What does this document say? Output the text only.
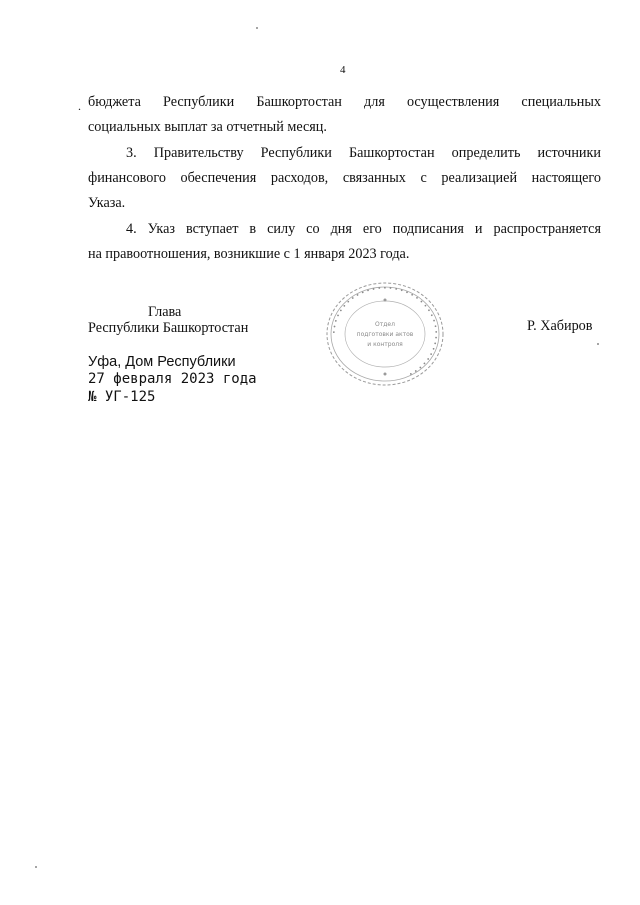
4
. бюджета Республики Башкортостан для осуществления специальных
социальных выплат за отчетный месяц.
3. Правительству Республики Башкортостан определить источники
финансового обеспечения расходов, связанных с реализацией настоящего
Указа.
4. Указ вступает в силу со дня его подписания и распространяется
на правоотношения, возникшие с 1 января 2023 года.
Глава
Республики Башкортостан	• • • • • • • • • • • • • • • • • • • • • • • • • • • • • • • • • • • •
Отдел
подготовки актов
и контроля
Р. Хабиров
Уфа, Дом Республики
27 февраля 2023 года
№ УГ-125
